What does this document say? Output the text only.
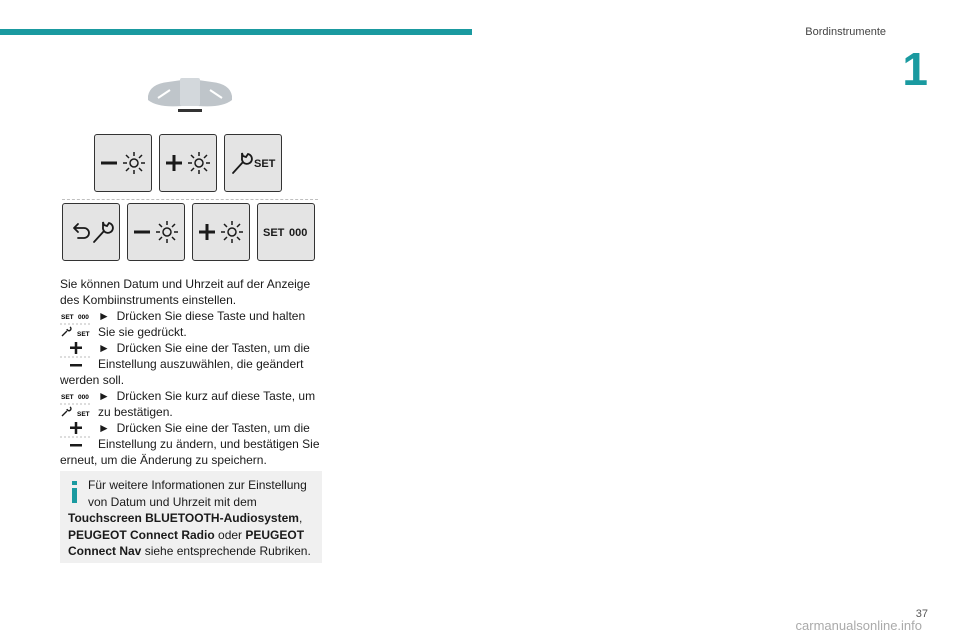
Bordinstrumente
1
SET
SET 000

Sie können Datum und Uhrzeit auf der Anzeige des Kombiinstruments einstellen.

SET 000
SET
► Drücken Sie diese Taste und halten Sie sie gedrückt.
► Drücken Sie eine der Tasten, um die Einstellung auszuwählen, die geändert werden soll.
SET 000
SET
► Drücken Sie kurz auf diese Taste, um zu bestätigen.
► Drücken Sie eine der Tasten, um die Einstellung zu ändern, und bestätigen Sie erneut, um die Änderung zu speichern.
Für weitere Informationen zur Einstellung von Datum und Uhrzeit mit dem Touchscreen BLUETOOTH-Audiosystem, PEUGEOT Connect Radio oder PEUGEOT Connect Nav siehe entsprechende Rubriken.
37
carmanualsonline.info
